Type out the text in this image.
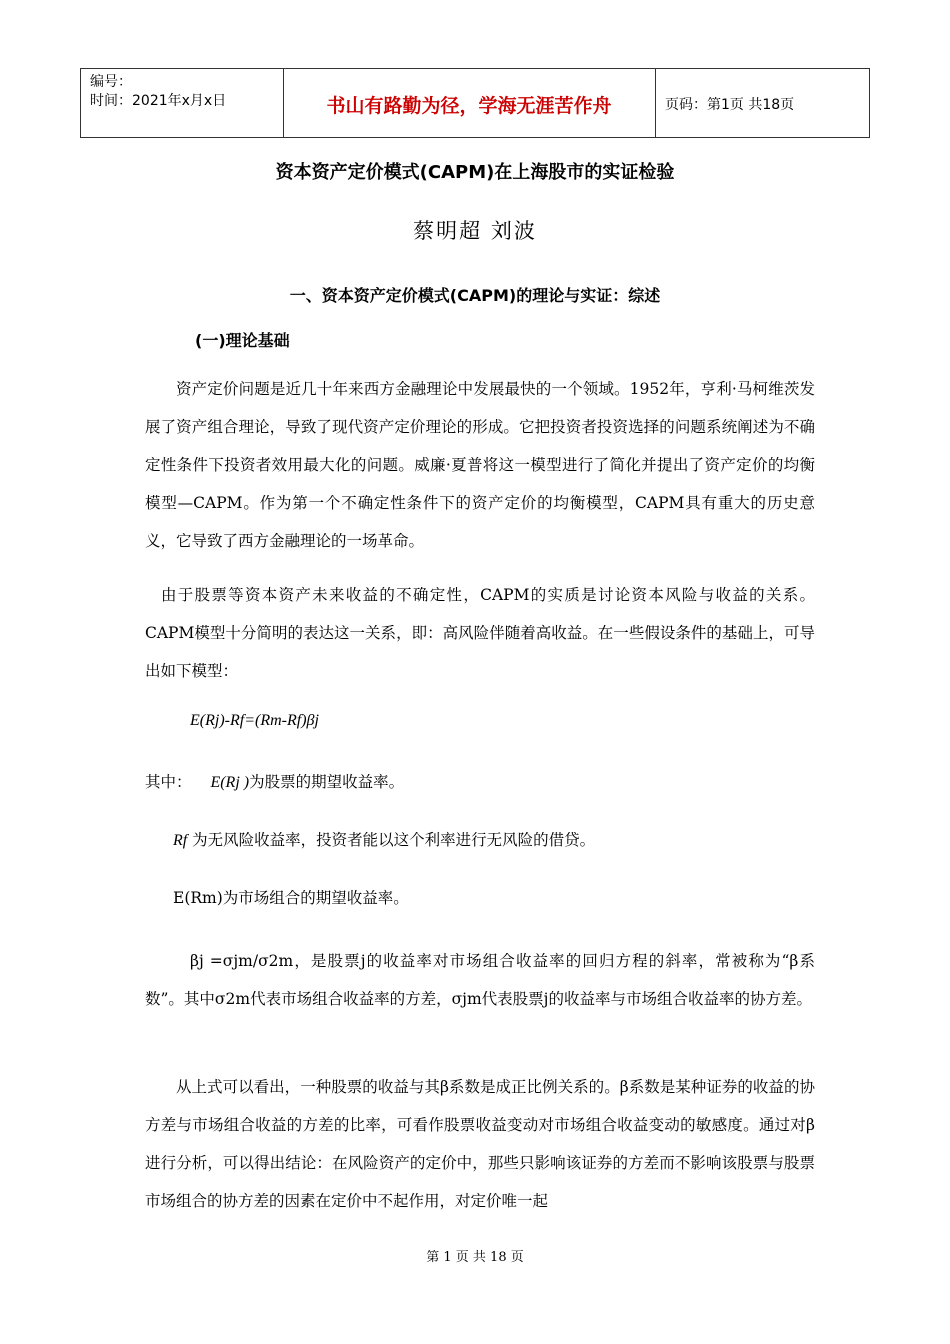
编号：
时间：2021年x月x日	书山有路勤为径，学海无涯苦作舟	页码：第1页 共18页
资本资产定价模式(CAPM)在上海股市的实证检验
蔡明超 刘波
一、资本资产定价模式(CAPM)的理论与实证：综述
(一)理论基础
资产定价问题是近几十年来西方金融理论中发展最快的一个领域。1952年，亨利·马柯维茨发展了资产组合理论，导致了现代资产定价理论的形成。它把投资者投资选择的问题系统阐述为不确定性条件下投资者效用最大化的问题。威廉·夏普将这一模型进行了简化并提出了资产定价的均衡模型—CAPM。作为第一个不确定性条件下的资产定价的均衡模型，CAPM具有重大的历史意义，它导致了西方金融理论的一场革命。
由于股票等资本资产未来收益的不确定性，CAPM的实质是讨论资本风险与收益的关系。CAPM模型十分简明的表达这一关系，即：高风险伴随着高收益。在一些假设条件的基础上，可导出如下模型：
E(Rj)-Rf=(Rm-Rf)βj
其中： E(Rj )为股票的期望收益率。
Rf 为无风险收益率，投资者能以这个利率进行无风险的借贷。
E(Rm)为市场组合的期望收益率。
βj =σjm/σ2m，是股票j的收益率对市场组合收益率的回归方程的斜率，常被称为“β系数”。其中σ2m代表市场组合收益率的方差，σjm代表股票j的收益率与市场组合收益率的协方差。
从上式可以看出，一种股票的收益与其β系数是成正比例关系的。β系数是某种证券的收益的协方差与市场组合收益的方差的比率，可看作股票收益变动对市场组合收益变动的敏感度。通过对β进行分析，可以得出结论：在风险资产的定价中，那些只影响该证券的方差而不影响该股票与股票市场组合的协方差的因素在定价中不起作用，对定价唯一起
第 1 页 共 18 页
